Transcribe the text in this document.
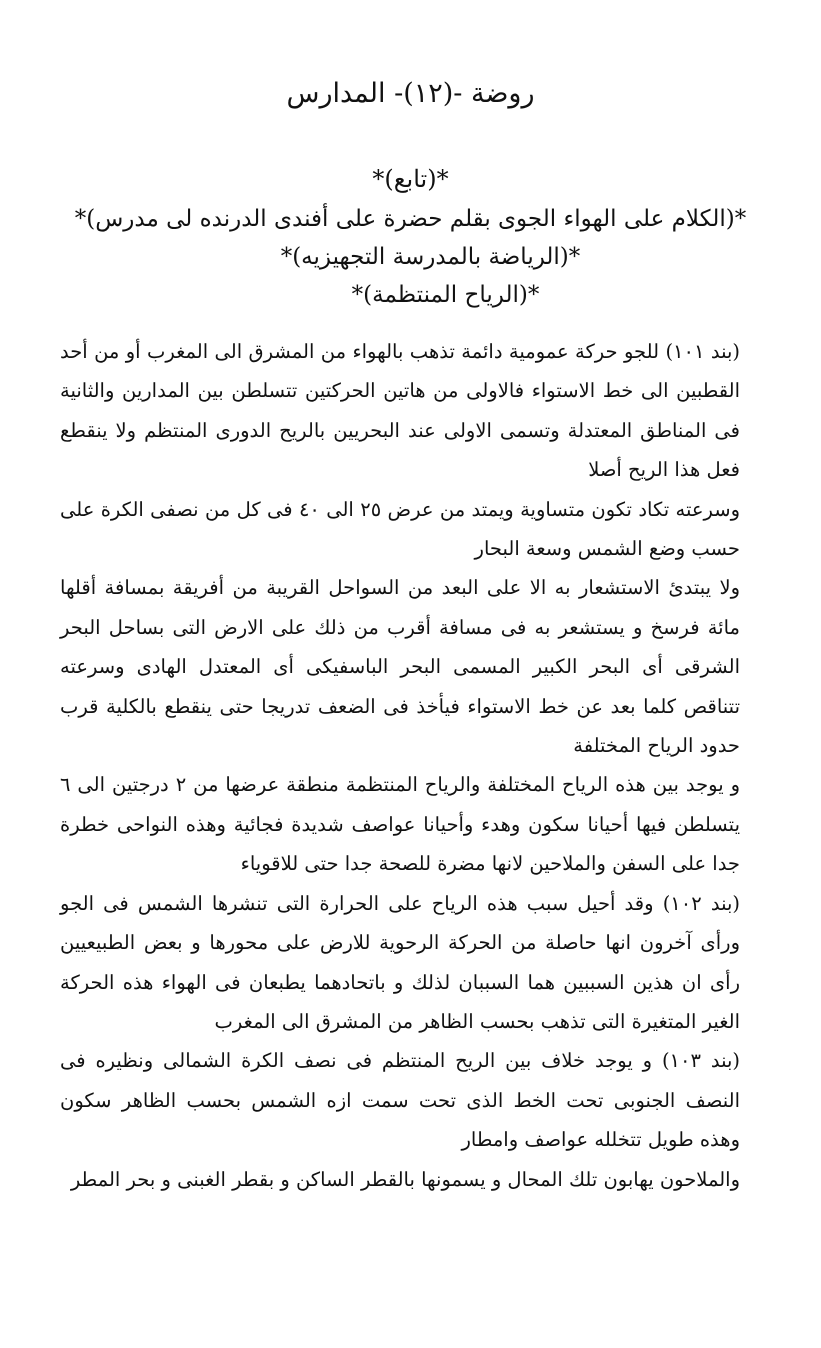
روضة -(١٢)- المدارس
*(تابع)*
*(الكلام على الهواء الجوى بقلم حضرة على أفندى الدرنده لى مدرس)*
*(الرياضة بالمدرسة التجهيزيه)*
*(الرياح المنتظمة)*

(بند ١٠١) للجو حركة عمومية دائمة تذهب بالهواء من المشرق الى المغرب أو من أحد القطبين الى خط الاستواء فالاولى من هاتين الحركتين تتسلطن بين المدارين والثانية فى المناطق المعتدلة وتسمى الاولى عند البحريين بالريح الدورى المنتظم ولا ينقطع فعل هذا الريح أصلا

وسرعته تكاد تكون متساوية ويمتد من عرض ٢٥ الى ٤٠ فى كل من نصفى الكرة على حسب وضع الشمس وسعة البحار

ولا يبتدئ الاستشعار به الا على البعد من السواحل القريبة من أفريقة بمسافة أقلها مائة فرسخ و يستشعر به فى مسافة أقرب من ذلك على الارض التى بساحل البحر الشرقى أى البحر الكبير المسمى البحر الباسفيكى أى المعتدل الهادى وسرعته تتناقص كلما بعد عن خط الاستواء فيأخذ فى الضعف تدريجا حتى ينقطع بالكلية قرب حدود الرياح المختلفة

و يوجد بين هذه الرياح المختلفة والرياح المنتظمة منطقة عرضها من ٢ درجتين الى ٦ يتسلطن فيها أحيانا سكون وهدء وأحيانا عواصف شديدة فجائية وهذه النواحى خطرة جدا على السفن والملاحين لانها مضرة للصحة جدا حتى للاقوياء

(بند ١٠٢) وقد أحيل سبب هذه الرياح على الحرارة التى تنشرها الشمس فى الجو ورأى آخرون انها حاصلة من الحركة الرحوية للارض على محورها و بعض الطبيعيين رأى ان هذين السببين هما السببان لذلك و باتحادهما يطبعان فى الهواء هذه الحركة الغير المتغيرة التى تذهب بحسب الظاهر من المشرق الى المغرب

(بند ١٠٣) و يوجد خلاف بين الريح المنتظم فى نصف الكرة الشمالى ونظيره فى النصف الجنوبى تحت الخط الذى تحت سمت ازه الشمس بحسب الظاهر سكون وهذه طويل تتخلله عواصف وامطار

والملاحون يهابون تلك المحال و يسمونها بالقطر الساكن و بقطر الغبنى و بحر المطر
